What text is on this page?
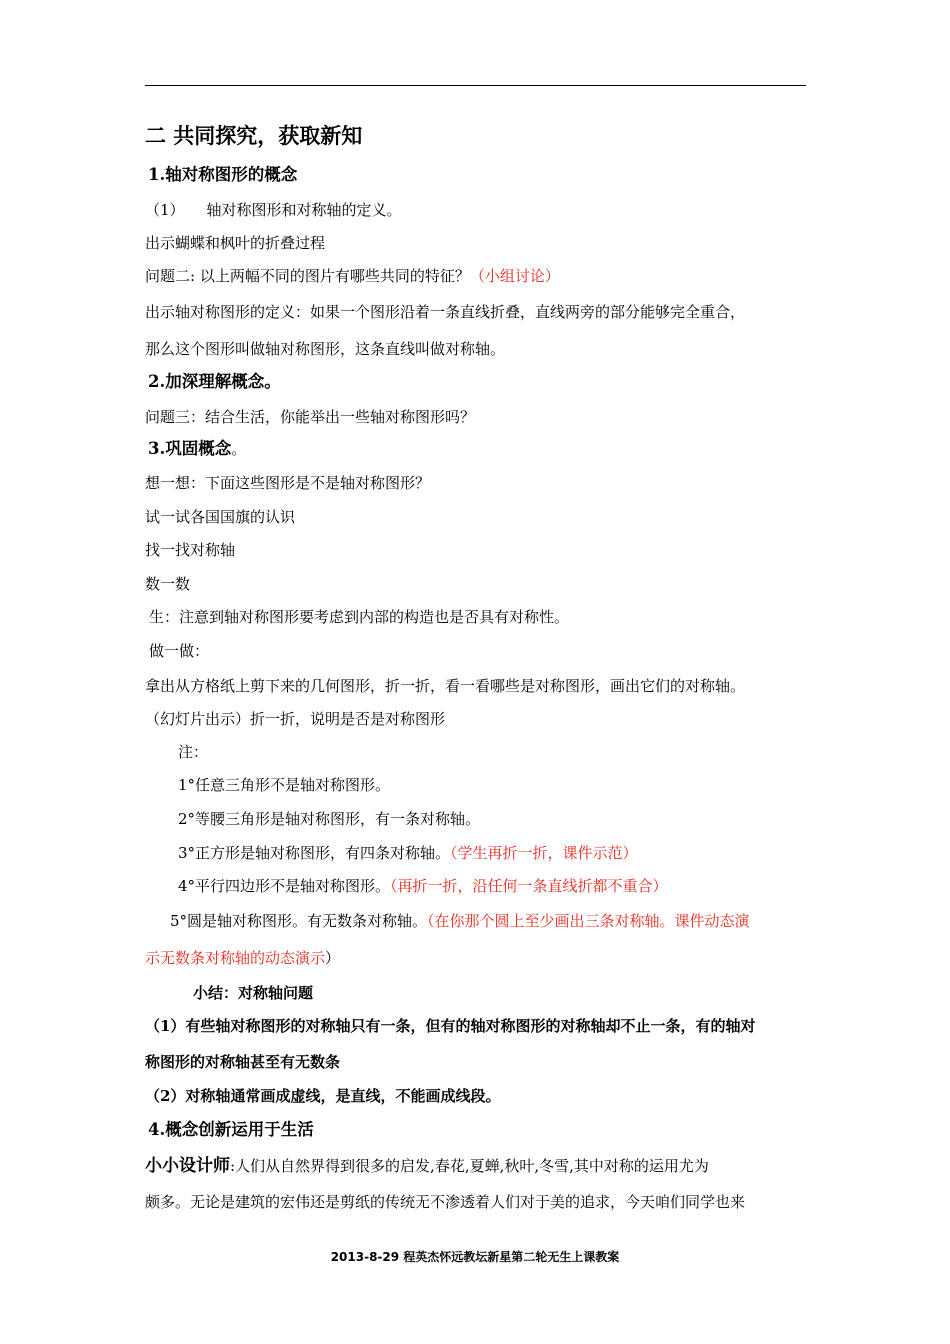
二 共同探究，获取新知
1.轴对称图形的概念
（1） 轴对称图形和对称轴的定义。
出示蝴蝶和枫叶的折叠过程
问题二: 以上两幅不同的图片有哪些共同的特征？（小组讨论）
出示轴对称图形的定义：如果一个图形沿着一条直线折叠，直线两旁的部分能够完全重合，
那么这个图形叫做轴对称图形，这条直线叫做对称轴。
2.加深理解概念。
问题三：结合生活，你能举出一些轴对称图形吗？
3.巩固概念。
想一想：下面这些图形是不是轴对称图形？
试一试各国国旗的认识
找一找对称轴
数一数
生：注意到轴对称图形要考虑到内部的构造也是否具有对称性。
做一做：
拿出从方格纸上剪下来的几何图形，折一折，看一看哪些是对称图形，画出它们的对称轴。
（幻灯片出示）折一折，说明是否是对称图形
注：
1°任意三角形不是轴对称图形。
2°等腰三角形是轴对称图形，有一条对称轴。
3°正方形是轴对称图形，有四条对称轴。（学生再折一折，课件示范）
4°平行四边形不是轴对称图形。（再折一折，沿任何一条直线折都不重合）
5°圆是轴对称图形。有无数条对称轴。（在你那个圆上至少画出三条对称轴。课件动态演
示无数条对称轴的动态演示）
小结：对称轴问题
（1）有些轴对称图形的对称轴只有一条，但有的轴对称图形的对称轴却不止一条，有的轴对
称图形的对称轴甚至有无数条
（2）对称轴通常画成虚线，是直线，不能画成线段。
4.概念创新运用于生活
小小设计师:人们从自然界得到很多的启发,春花,夏蝉,秋叶,冬雪,其中对称的运用尤为
颇多。无论是建筑的宏伟还是剪纸的传统无不渗透着人们对于美的追求，今天咱们同学也来
2013-8-29 程英杰怀远教坛新星第二轮无生上课教案
